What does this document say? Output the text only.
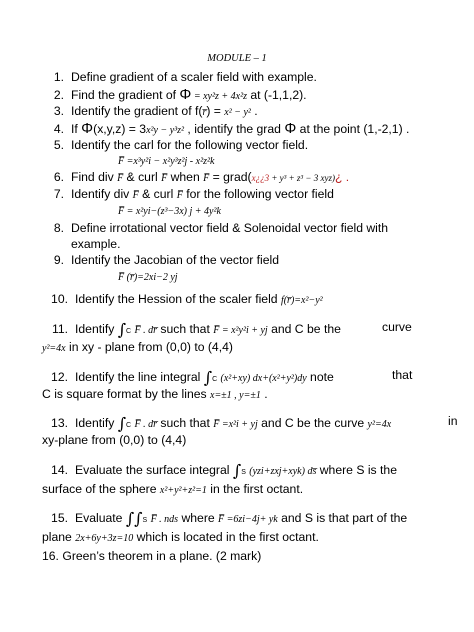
MODULE – 1
1. Define gradient of a scaler field with example.
2. Find the gradient of Φ = xy²z + 4x²z at (-1,1,2).
3. Identify the gradient of f(r̅) = x² − y² .
4. If Φ(x,y,z) = 3x²y − y³z² , identify the grad Φ at the point (1,-2,1) .
5. Identify the carl for the following vector field.
F̅ =x³y²i − x²y³z²j - x²z²k
6. Find div F̅ & curl F̅ when F̅ = grad(x¿¿3 + y³ + z³ − 3 xyz)¿ .
7. Identify div F̅ & curl F̅ for the following vector field
F̅ = x²yi−(z³−3x) j + 4y²k
8. Define irrotational vector field & Solenoidal vector field with
example.
9. Identify the Jacobian of the vector field
F̅ (r̅)=2xi−2 yj
10. Identify the Hession of the scaler field f(r̅)=x²−y²
11. Identify ∫C F̅ . dr̅ such that F̅ = x²y²i + yj and C be the	curve
y²=4x in xy - plane from (0,0) to (4,4)
12. Identify the line integral ∫C (x²+xy) dx+(x²+y²)dy note	that
C is square format by the lines x=±1 , y=±1 .
13. Identify ∫C F̅ . dr̅ such that F̅ =x²i + yj and C be the curve y²=4x	in
xy-plane from (0,0) to (4,4)
14. Evaluate the surface integral ∫S (yzi+zxj+xyk) ds̅ where S is the
surface of the sphere x²+y²+z²=1 in the first octant.
15. Evaluate ∫∫S F̅ . nds where F̅ =6zi−4j+ yk and S is that part of the
plane 2x+6y+3z=10 which is located in the first octant.
16. Green’s theorem in a plane. (2 mark)
